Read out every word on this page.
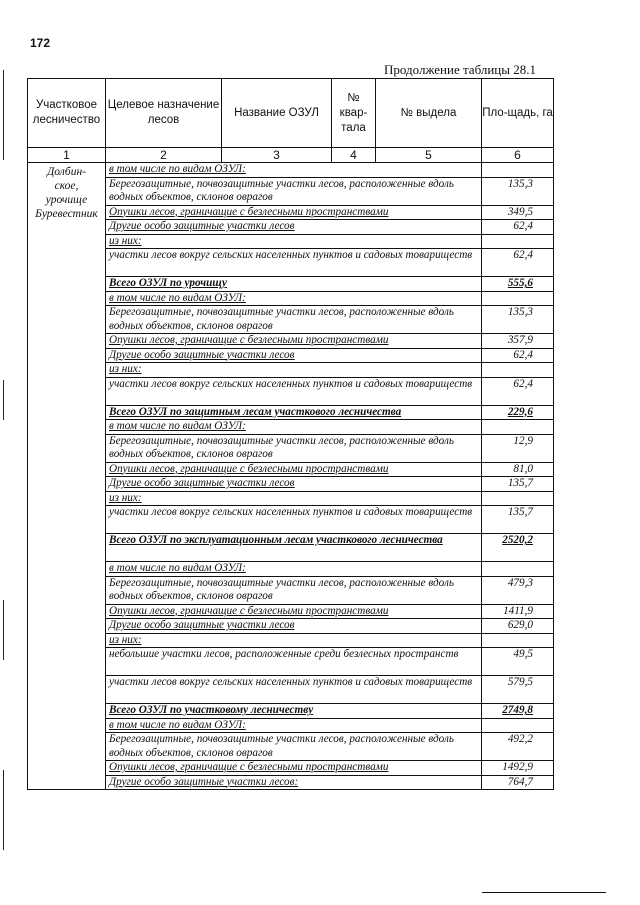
172
Продолжение таблицы 28.1
Участковое лесничество	Целевое назначение лесов	Название ОЗУЛ	№ квар-тала	№ выдела	Пло-щадь, га
1	2	3	4	5	6

Долбин-
ское,
урочище
Буревестник	в том числе по видам ОЗУЛ:				
	Берегозащитные, почвозащитные участки лесов, расположенные вдоль водных объектов, склонов оврагов				135,3
	Опушки лесов, граничащие с безлесными пространствами				349,5
	Другие особо защитные участки лесов				62,4
	из них:				
	участки лесов вокруг сельских населенных пунктов и садовых товариществ				62,4
	Всего ОЗУЛ по урочищу				555,6
	в том числе по видам ОЗУЛ:				
	Берегозащитные, почвозащитные участки лесов, расположенные вдоль водных объектов, склонов оврагов				135,3
	Опушки лесов, граничащие с безлесными пространствами				357,9
	Другие особо защитные участки лесов				62,4
	из них:				
	участки лесов вокруг сельских населенных пунктов и садовых товариществ				62,4
	Всего ОЗУЛ по защитным лесам участкового лесничества				229,6
	в том числе по видам ОЗУЛ:				
	Берегозащитные, почвозащитные участки лесов, расположенные вдоль водных объектов, склонов оврагов				12,9
	Опушки лесов, граничащие с безлесными пространствами				81,0
	Другие особо защитные участки лесов				135,7
	из них:				
	участки лесов вокруг сельских населенных пунктов и садовых товариществ				135,7
	Всего ОЗУЛ по эксплуатационным лесам участкового лесничества				2520,2
	в том числе по видам ОЗУЛ:				
	Берегозащитные, почвозащитные участки лесов, расположенные вдоль водных объектов, склонов оврагов				479,3
	Опушки лесов, граничащие с безлесными пространствами				1411,9
	Другие особо защитные участки лесов				629,0
	из них:				
	небольшие участки лесов, расположенные среди безлесных пространств				49,5
	участки лесов вокруг сельских населенных пунктов и садовых товариществ				579,5
	Всего ОЗУЛ по участковому лесничеству				2749,8
	в том числе по видам ОЗУЛ:				
	Берегозащитные, почвозащитные участки лесов, расположенные вдоль водных объектов, склонов оврагов				492,2
	Опушки лесов, граничащие с безлесными пространствами				1492,9
	Другие особо защитные участки лесов:				764,7
